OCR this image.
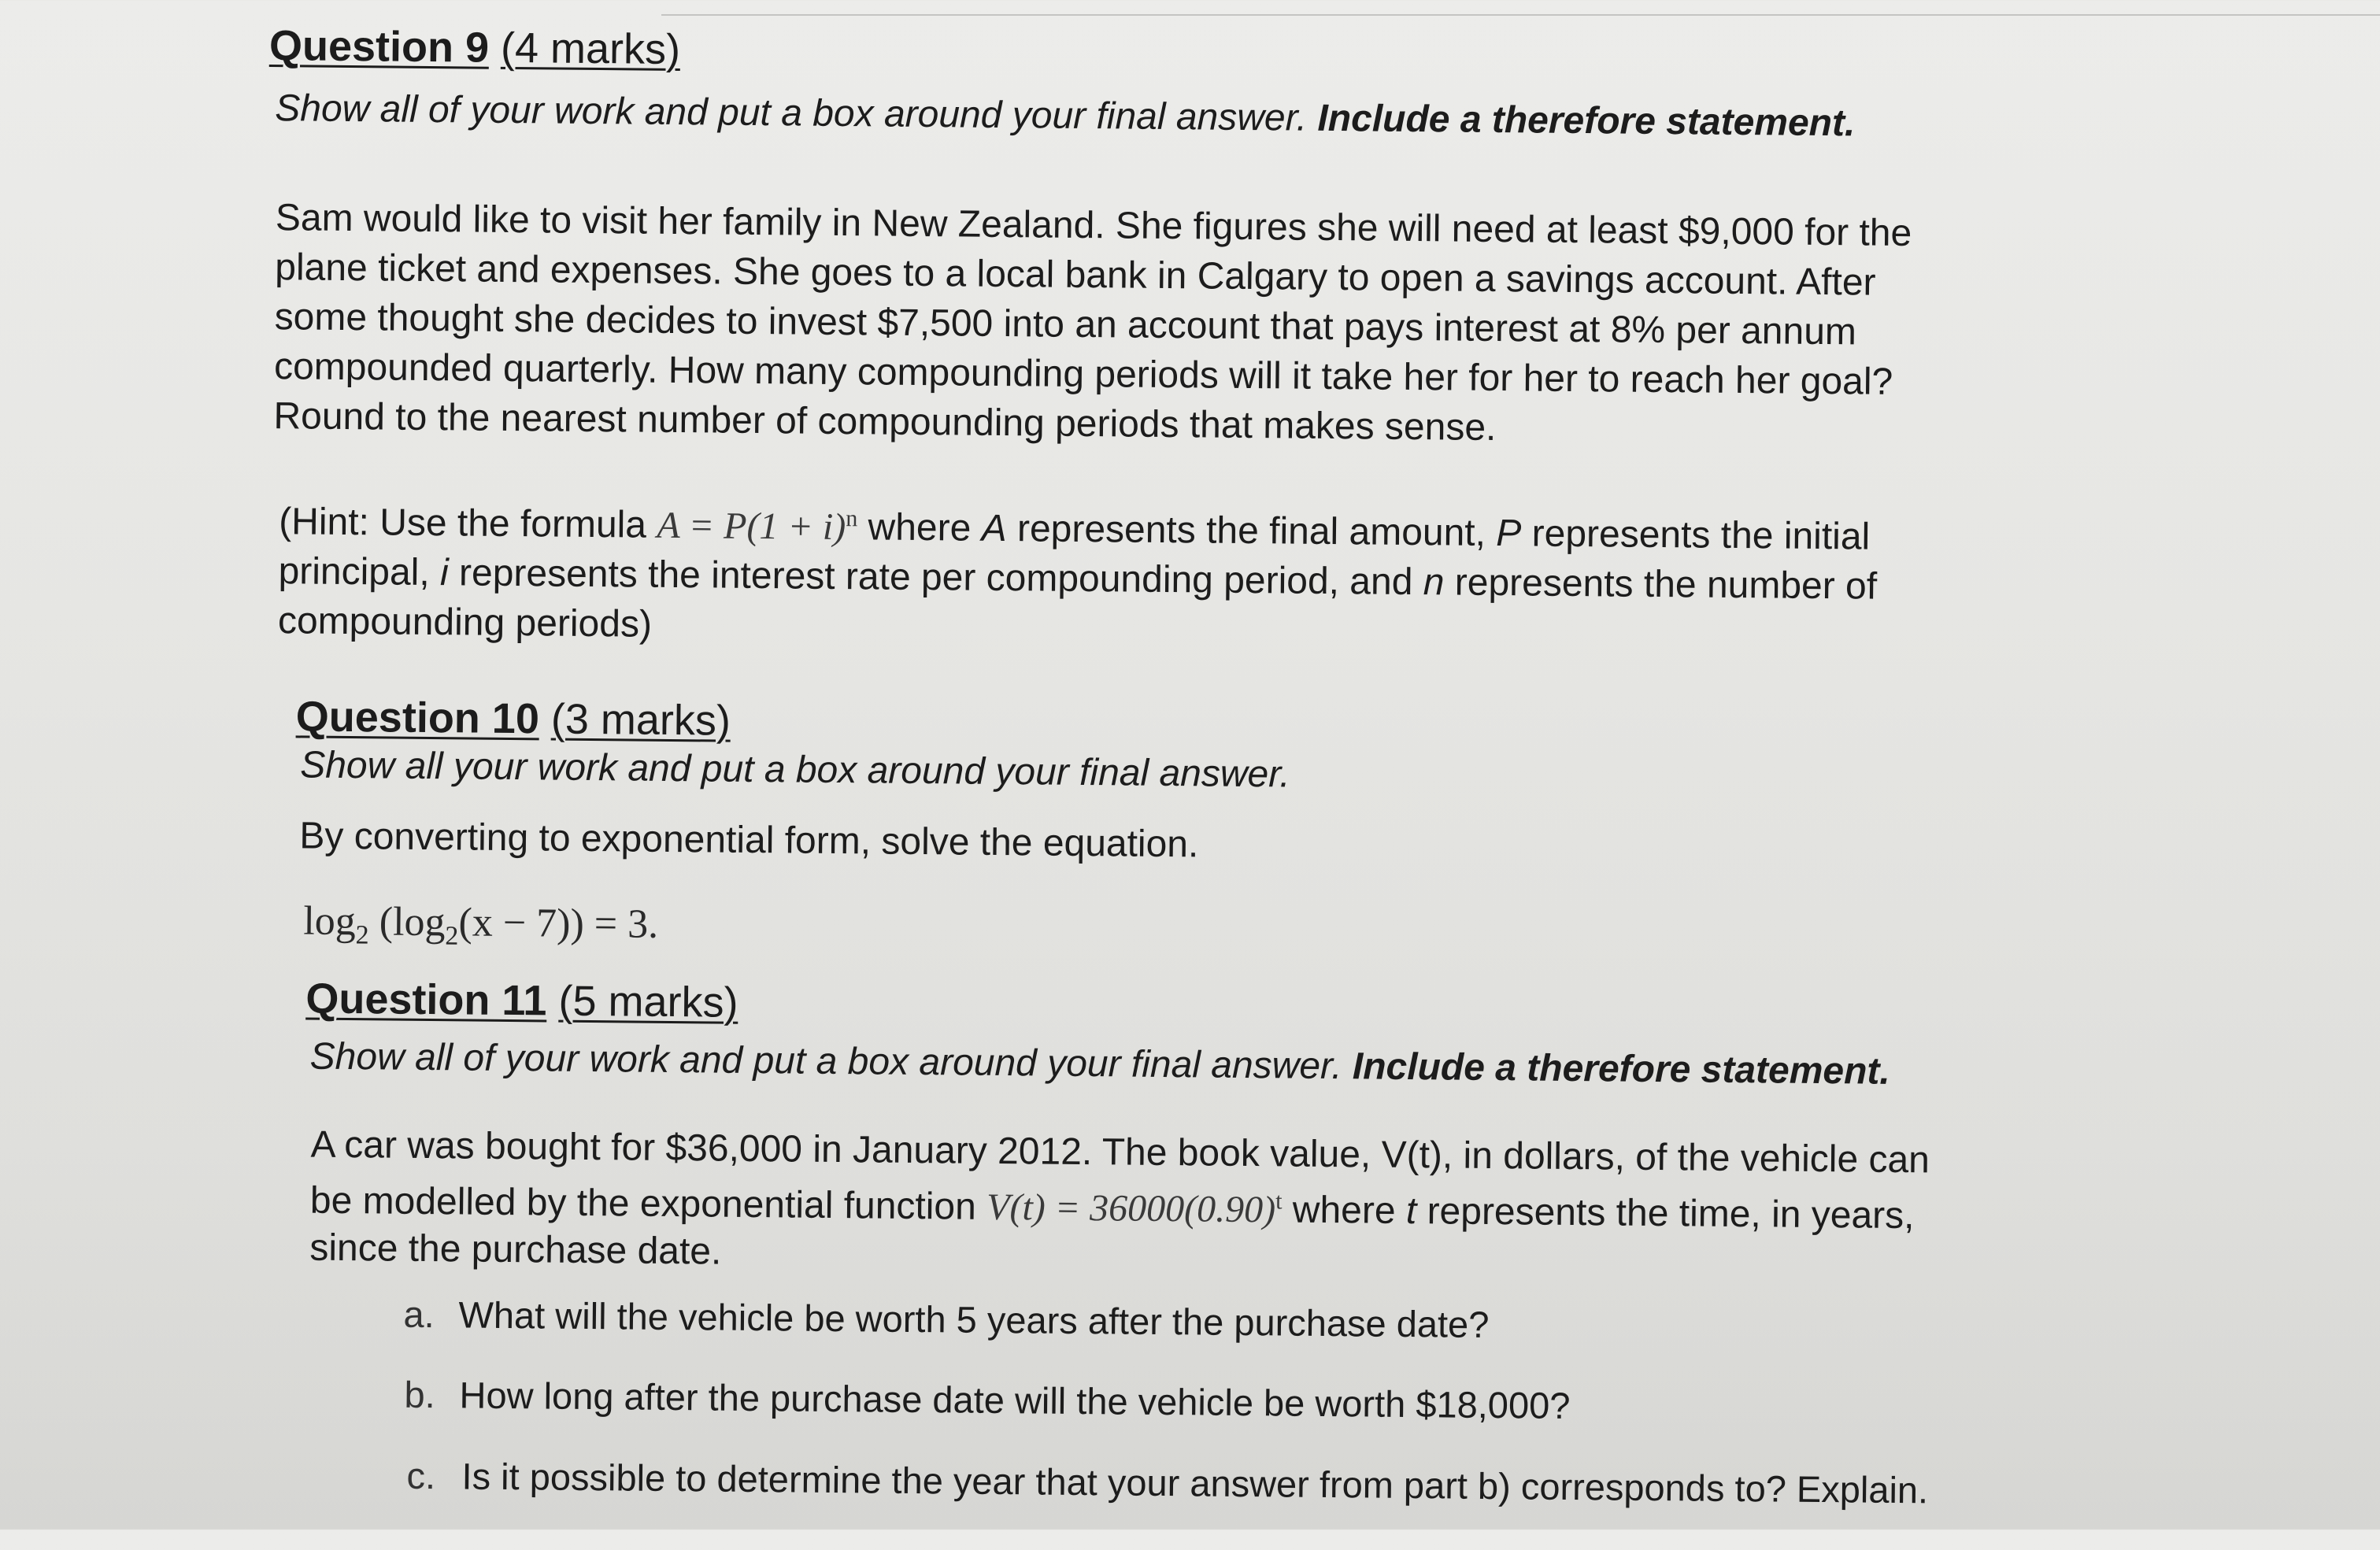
Question 9 (4 marks)
Show all of your work and put a box around your final answer. Include a therefore statement.
Sam would like to visit her family in New Zealand. She figures she will need at least $9,000 for the
plane ticket and expenses. She goes to a local bank in Calgary to open a savings account. After
some thought she decides to invest $7,500 into an account that pays interest at 8% per annum
compounded quarterly. How many compounding periods will it take her for her to reach her goal?
Round to the nearest number of compounding periods that makes sense.
(Hint: Use the formula $A = P(1 + i)^n$ where A represents the final amount, P represents the initial
principal, i represents the interest rate per compounding period, and n represents the number of
compounding periods)
Question 10 (3 marks)
Show all your work and put a box around your final answer.
By converting to exponential form, solve the equation.
$\log_2 (\log_2(x - 7)) = 3$.
Question 11 (5 marks)
Show all of your work and put a box around your final answer. Include a therefore statement.
A car was bought for $36,000 in January 2012. The book value, V(t), in dollars, of the vehicle can
be modelled by the exponential function $V(t) = 36000(0.90)^t$ where t represents the time, in years,
since the purchase date.
a. What will the vehicle be worth 5 years after the purchase date?
b. How long after the purchase date will the vehicle be worth $18,000?
c. Is it possible to determine the year that your answer from part b) corresponds to? Explain.
